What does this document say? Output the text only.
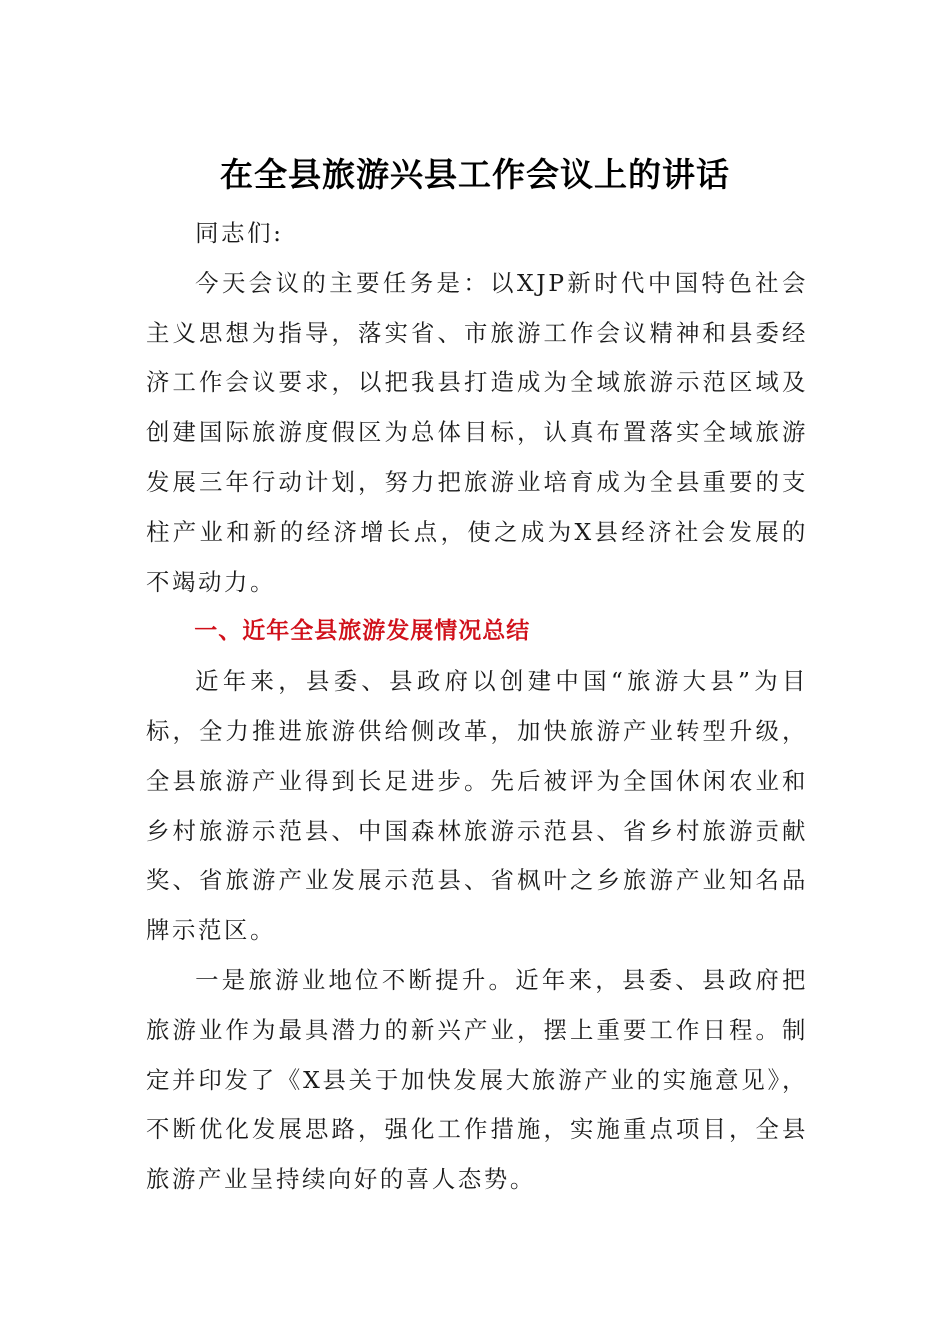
在全县旅游兴县工作会议上的讲话

同志们:

今天会议的主要任务是：以XJP新时代中国特色社会主义思想为指导，落实省、市旅游工作会议精神和县委经济工作会议要求，以把我县打造成为全域旅游示范区域及创建国际旅游度假区为总体目标，认真布置落实全域旅游发展三年行动计划，努力把旅游业培育成为全县重要的支柱产业和新的经济增长点，使之成为X县经济社会发展的不竭动力。

一、近年全县旅游发展情况总结

近年来，县委、县政府以创建中国“旅游大县”为目标，全力推进旅游供给侧改革，加快旅游产业转型升级，全县旅游产业得到长足进步。先后被评为全国休闲农业和乡村旅游示范县、中国森林旅游示范县、省乡村旅游贡献奖、省旅游产业发展示范县、省枫叶之乡旅游产业知名品牌示范区。

一是旅游业地位不断提升。近年来，县委、县政府把旅游业作为最具潜力的新兴产业，摆上重要工作日程。制定并印发了《X县关于加快发展大旅游产业的实施意见》，不断优化发展思路，强化工作措施，实施重点项目，全县旅游产业呈持续向好的喜人态势。
